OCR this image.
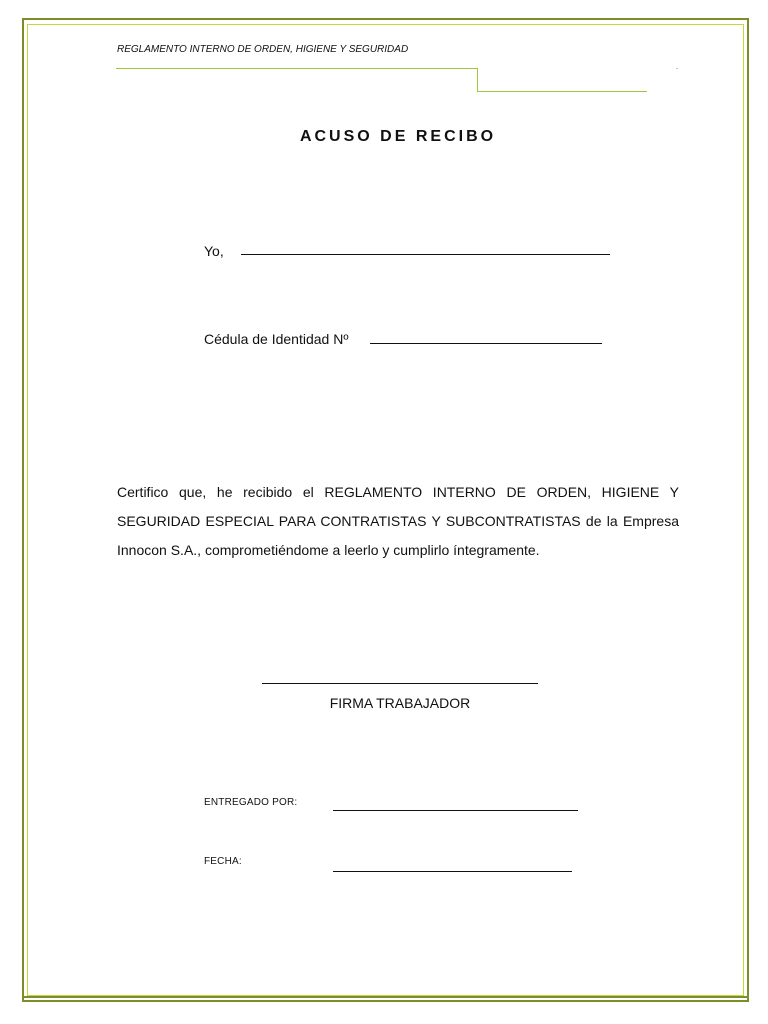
REGLAMENTO INTERNO DE ORDEN, HIGIENE Y SEGURIDAD
.
ACUSO DE RECIBO
Yo,
Cédula de Identidad Nº
Certifico que, he recibido el REGLAMENTO INTERNO DE ORDEN, HIGIENE Y SEGURIDAD ESPECIAL PARA CONTRATISTAS Y SUBCONTRATISTAS de la Empresa Innocon S.A., comprometiéndome a leerlo y cumplirlo íntegramente.
FIRMA TRABAJADOR
ENTREGADO POR:
FECHA:
